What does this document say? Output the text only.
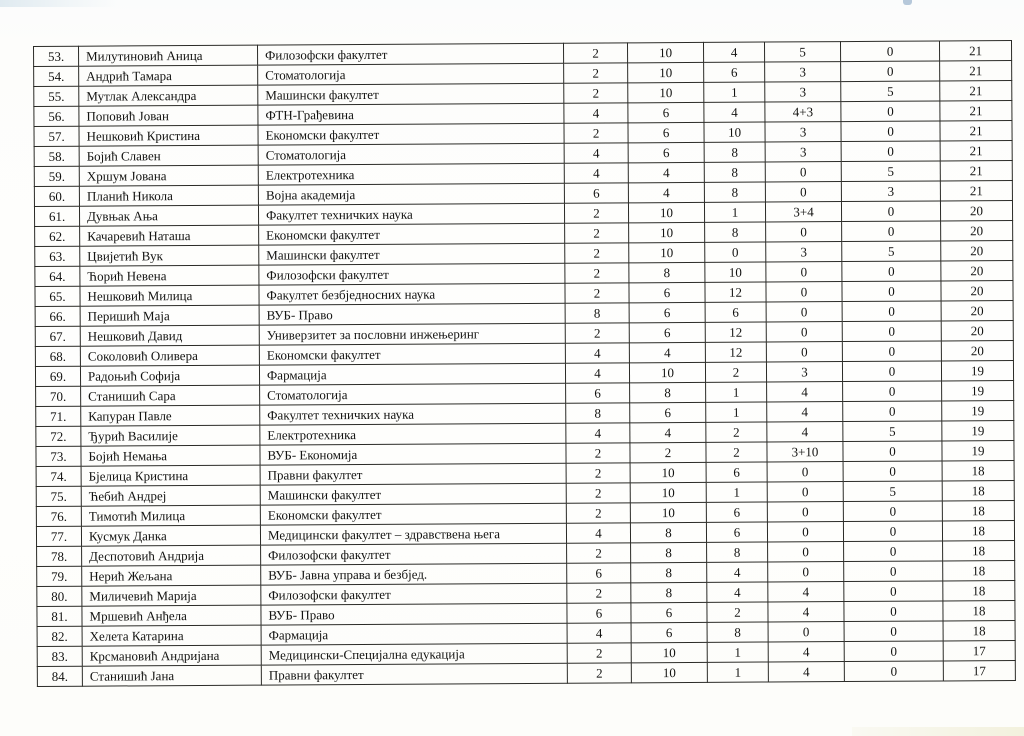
53.	Милутиновић Аница	Филозофски факултет	2	10	4	5	0	21
54.	Андрић Тамара	Стоматологија	2	10	6	3	0	21
55.	Мутлак Александра	Машински факултет	2	10	1	3	5	21
56.	Поповић Јован	ФТН-Грађевина	4	6	4	4+3	0	21
57.	Нешковић Кристина	Економски факултет	2	6	10	3	0	21
58.	Бојић Славен	Стоматологија	4	6	8	3	0	21
59.	Хршум Јована	Електротехника	4	4	8	0	5	21
60.	Планић Никола	Војна академија	6	4	8	0	3	21
61.	Дувњак Ања	Факултет техничких наука	2	10	1	3+4	0	20
62.	Качаревић Наташа	Економски факултет	2	10	8	0	0	20
63.	Цвијетић Вук	Машински факултет	2	10	0	3	5	20
64.	Ћорић Невена	Филозофски факултет	2	8	10	0	0	20
65.	Нешковић Милица	Факултет безбједносних наука	2	6	12	0	0	20
66.	Перишић Маја	ВУБ- Право	8	6	6	0	0	20
67.	Нешковић Давид	Универзитет за пословни инжењеринг	2	6	12	0	0	20
68.	Соколовић Оливера	Економски факултет	4	4	12	0	0	20
69.	Радоњић Софија	Фармација	4	10	2	3	0	19
70.	Станишић Сара	Стоматологија	6	8	1	4	0	19
71.	Капуран Павле	Факултет техничких наука	8	6	1	4	0	19
72.	Ђурић Василије	Електротехника	4	4	2	4	5	19
73.	Бојић Немања	ВУБ- Економија	2	2	2	3+10	0	19
74.	Бјелица Кристина	Правни факултет	2	10	6	0	0	18
75.	Ћебић Андреј	Машински факултет	2	10	1	0	5	18
76.	Тимотић Милица	Економски факултет	2	10	6	0	0	18
77.	Кусмук Данка	Медицински факултет – здравствена њега	4	8	6	0	0	18
78.	Деспотовић Андрија	Филозофски факултет	2	8	8	0	0	18
79.	Нерић Жељана	ВУБ- Јавна управа и безбјед.	6	8	4	0	0	18
80.	Миличевић Марија	Филозофски факултет	2	8	4	4	0	18
81.	Мршевић Анђела	ВУБ- Право	6	6	2	4	0	18
82.	Хелета Катарина	Фармација	4	6	8	0	0	18
83.	Крсмановић Андријана	Медицински-Специјална едукација	2	10	1	4	0	17
84.	Станишић Јана	Правни факултет	2	10	1	4	0	17
